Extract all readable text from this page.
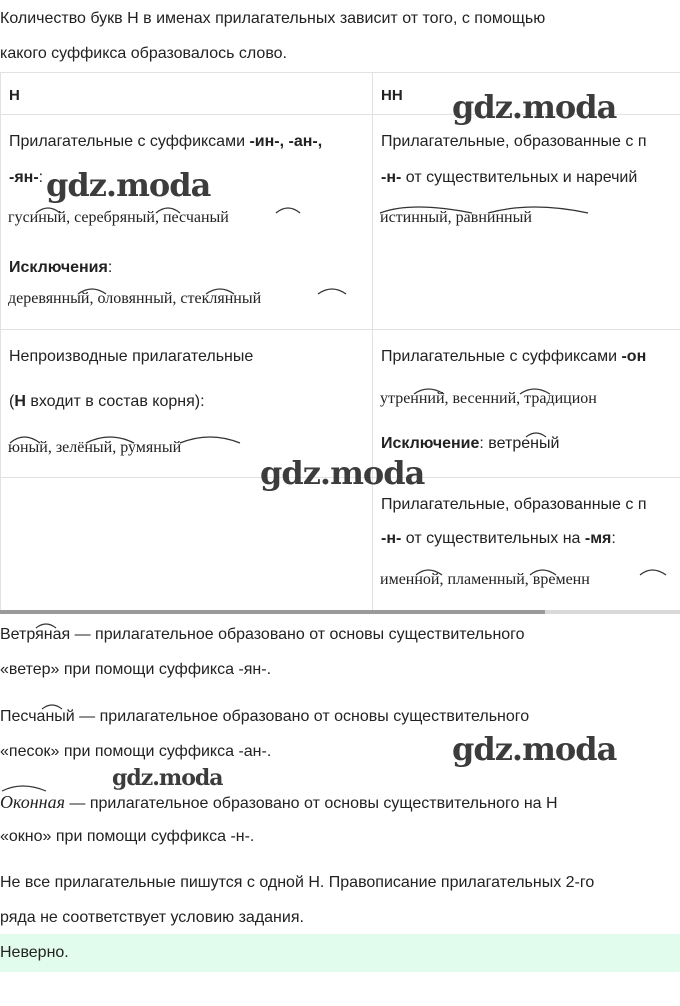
Количество букв Н в именах прилагательных зависит от того, с помощью
какого суффикса образовалось слово.
Н	НН
Прилагательные с суффиксами -ин-, -ан-,
-ян-:
гусиный, серебряный, песчаный
Исключения:
деревянный, оловянный, стеклянный
Прилагательные, образованные с п
-н- от существительных и наречий
истинный, равнинный
Непроизводные прилагательные
(Н входит в состав корня):
юный, зелёный, румяный
Прилагательные с суффиксами -он
утренний, весенний, традицион
Исключение: ветреный
Прилагательные, образованные с п
-н- от существительных на -мя:
именной, пламенный, временн
Ветряная — прилагательное образовано от основы существительного
«ветер» при помощи суффикса -ян-.
Песчаный — прилагательное образовано от основы существительного
«песок» при помощи суффикса -ан-.
Оконная — прилагательное образовано от основы существительного на Н
«окно» при помощи суффикса -н-.
Не все прилагательные пишутся с одной Н. Правописание прилагательных 2-го
ряда не соответствует условию задания.
Неверно.
gdz.moda
gdz.moda
gdz.moda
gdz.moda
gdz.moda
